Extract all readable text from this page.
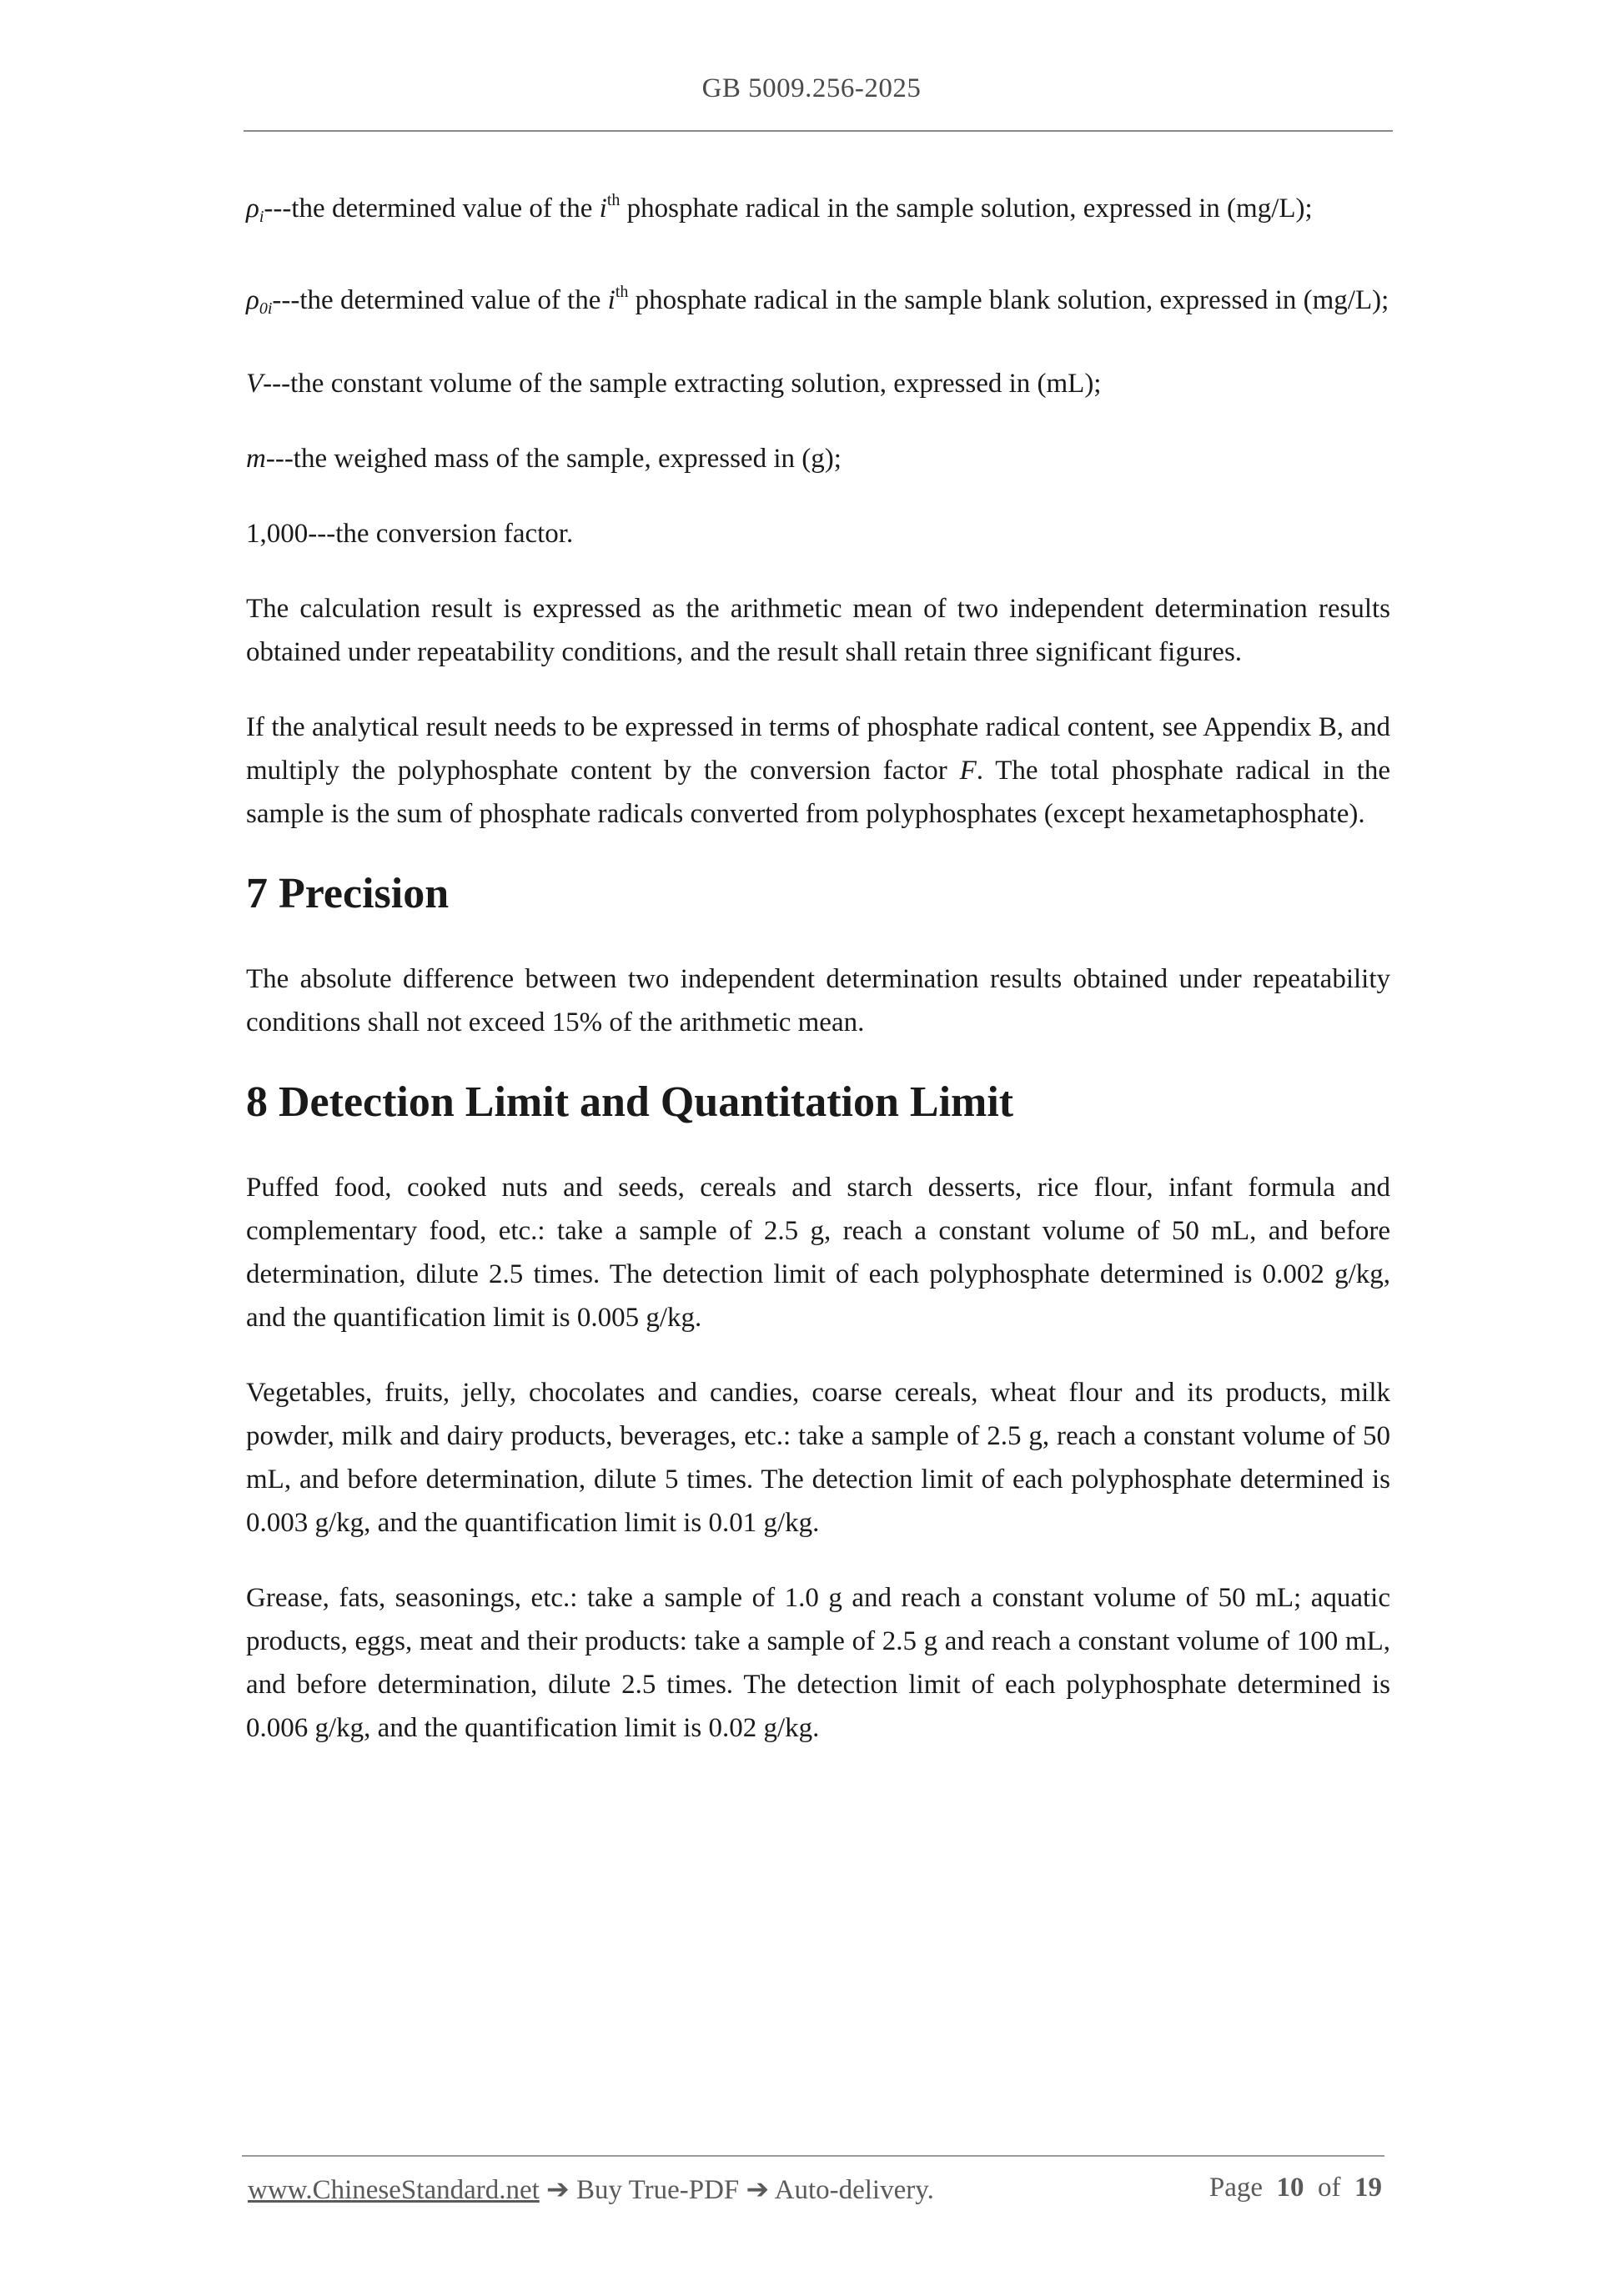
GB 5009.256-2025

$\rho_i--$-the determined value of the $i^{th}$ phosphate radical in the sample solution, expressed in (mg/L);

$\rho_{0i}--$-the determined value of the $i^{th}$ phosphate radical in the sample blank solution, expressed in (mg/L);

V---the constant volume of the sample extracting solution, expressed in (mL);

m---the weighed mass of the sample, expressed in (g);

1,000---the conversion factor.

The calculation result is expressed as the arithmetic mean of two independent determination results obtained under repeatability conditions, and the result shall retain three significant figures.

If the analytical result needs to be expressed in terms of phosphate radical content, see Appendix B, and multiply the polyphosphate content by the conversion factor F. The total phosphate radical in the sample is the sum of phosphate radicals converted from polyphosphates (except hexametaphosphate).

7 Precision

The absolute difference between two independent determination results obtained under repeatability conditions shall not exceed 15% of the arithmetic mean.

8 Detection Limit and Quantitation Limit

Puffed food, cooked nuts and seeds, cereals and starch desserts, rice flour, infant formula and complementary food, etc.: take a sample of 2.5 g, reach a constant volume of 50 mL, and before determination, dilute 2.5 times. The detection limit of each polyphosphate determined is 0.002 g/kg, and the quantification limit is 0.005 g/kg.

Vegetables, fruits, jelly, chocolates and candies, coarse cereals, wheat flour and its products, milk powder, milk and dairy products, beverages, etc.: take a sample of 2.5 g, reach a constant volume of 50 mL, and before determination, dilute 5 times. The detection limit of each polyphosphate determined is 0.003 g/kg, and the quantification limit is 0.01 g/kg.

Grease, fats, seasonings, etc.: take a sample of 1.0 g and reach a constant volume of 50 mL; aquatic products, eggs, meat and their products: take a sample of 2.5 g and reach a constant volume of 100 mL, and before determination, dilute 2.5 times. The detection limit of each polyphosphate determined is 0.006 g/kg, and the quantification limit is 0.02 g/kg.

www.ChineseStandard.net ➔ Buy True-PDF ➔ Auto-delivery.	Page 10 of 19
